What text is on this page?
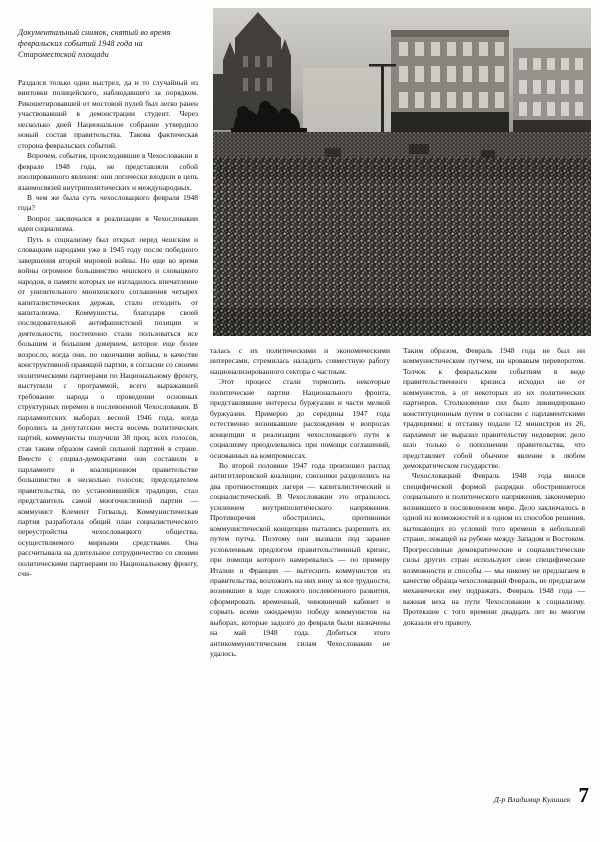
Документальный снимок, снятый во время февральских событий 1948 года на Староместской площади

Раздался только один выстрел, да и то случайный из винтовки полицейского, наблюдавшего за порядком. Рикошетировавшей от мостовой пулей был легко ранен участвовавший в демонстрации студент. Через несколько дней Национальное собрание утвердило новый состав правительства. Такова фактическая сторона февральских событий.

Впрочем, события, происходившие в Чехословакии в феврале 1948 года, не представляли собой изолированного явления: они логически входили в цепь взаимосвязей внутриполитических и международных.

В чем же была суть чехословацкого февраля 1948 года?

Вопрос заключался в реализации в Чехословакии идеи социализма.

Путь к социализму был открыт перед чешским и словацким народами уже в 1945 году после победного завершения второй мировой войны. Но еще во время войны огромное большинство чешского и словацкого народов, в памяти которых не изгладилось впечатление от унизительного мюнхенского соглашения четырех капиталистических держав, стало отходить от капитализма. Коммунисты, благодаря своей последовательной антифашистской позиции и деятельности, постепенно стали пользоваться все большим и большим доверием, которое еще более возросло, когда они, по окончании войны, в качестве конструктивной правящей партии, в согласии со своими политическими партнерами по Национальному фронту, выступили с программой, всего выражавшей требование народа о проведении основных структурных перемен в послевоенной Чехословакии. В парламентских выборах весной 1946 года, когда боролись за депутатские места восемь политических партий, коммунисты получили 38 проц. всех голосов, став таким образом самой сильной партией в стране. Вместе с социал-демократами они составили в парламенте и коалиционном правительстве большинство в несколько голосов; председателем правительства, по установившейся традиции, стал представитель самой многочисленной партии — коммунист Клемент Готвальд. Коммунистическая партия разработала общий план социалистического переустройства чехословацкого общества, осуществляемого мирными средствами. Она рассчитывала на длительное сотрудничество со своими политическими партнерами по Национальному фронту, счи-

талась с их политическими и экономическими интересами, стремилась наладить совместную работу национализированного сектора с частным.

Этот процесс стали тормозить некоторые политические партии Национального фронта, представлявшие интересы буржуазии и части мелкой буржуазии. Примерно до середины 1947 года естественно возникавшие расхождения в вопросах концепции и реализации чехословацкого пути к социализму преодолевались при помощи соглашений, основанных на компромиссах.

Во второй половине 1947 года произошел распад антигитлеровской коалиции, союзники разделились на два противостоящих лагеря — капиталистический и социалистический. В Чехословакии это отразилось усилением внутриполитического напряжения. Противоречия обострились, противники коммунистической концепции пытались разрешить их путем путча. Поэтому они вызвали под заранее условленным предлогом правительственный кризис, при помощи которого намеревались — по примеру Италии и Франции — вытеснить коммунистов из правительства, возложить на них вину за все трудности, возникшие в ходе сложного послевоенного развития, сформировать временный, чиновничий кабинет и сорвать всеми ожидаемую победу коммунистов на выборах, которые задолго до февраля были назначены на май 1948 года. Добиться этого антикоммунистическим силам Чехословакии не удалось.

Таким образом, Февраль 1948 года не был ни коммунистическим путчем, ни кровавым переворотом. Толчок к февральским событиям в виде правительственного кризиса исходил не от коммунистов, а от некоторых из их политических партнеров. Столкновение сил было ликвидировано конституционным путем в согласии с парламентскими традициями: в отставку подали 12 министров из 26, парламент не выразил правительству недоверия; дело шло только о пополнении правительства, что представляет собой обычное явление в любом демократическом государстве.

Чехословацкий Февраль 1948 года явился специфической формой разрядки обострившегося социального и политического напряжения, закономерно возникшего в послевоенном мире. Дело заключалось в одной из возможностей и в одном из способов решения, вытекающих из условий того времени в небольшой стране, лежащей на рубеже между Западом и Востоком. Прогрессивные демократические и социалистические силы других стран используют свои специфические возможности и способы — мы никому не предлагаем в качестве образца чехословацкий Февраль, не предлагаем механически ему подражать. Февраль 1948 года — важная веха на пути Чехословакии к социализму. Протекшие с того времени двадцать лет во многом доказали его правоту.

Д-р Владимир Кулишек 7
